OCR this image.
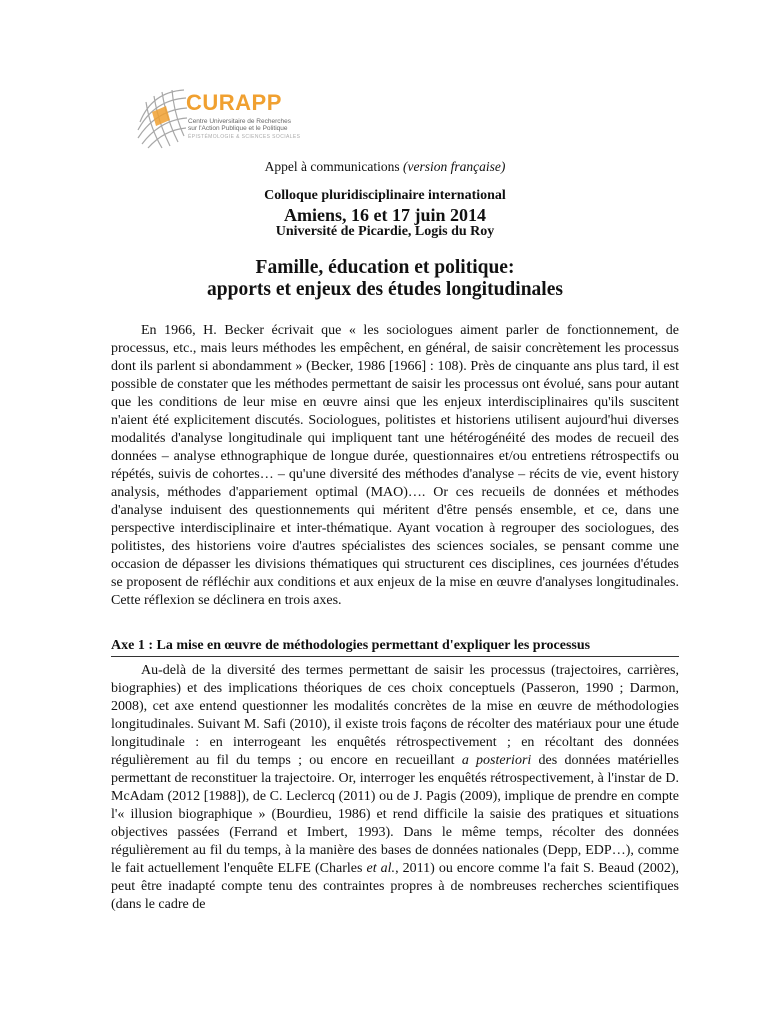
CURAPP
Centre Universitaire de Recherches
sur l'Action Publique et le Politique
ÉPISTÉMOLOGIE & SCIENCES SOCIALES
Appel à communications (version française)
Colloque pluridisciplinaire international
Amiens, 16 et 17 juin 2014
Université de Picardie, Logis du Roy
Famille, éducation et politique:
apports et enjeux des études longitudinales

En 1966, H. Becker écrivait que « les sociologues aiment parler de fonctionnement, de processus, etc., mais leurs méthodes les empêchent, en général, de saisir concrètement les processus dont ils parlent si abondamment » (Becker, 1986 [1966] : 108). Près de cinquante ans plus tard, il est possible de constater que les méthodes permettant de saisir les processus ont évolué, sans pour autant que les conditions de leur mise en œuvre ainsi que les enjeux interdisciplinaires qu'ils suscitent n'aient été explicitement discutés. Sociologues, politistes et historiens utilisent aujourd'hui diverses modalités d'analyse longitudinale qui impliquent tant une hétérogénéité des modes de recueil des données – analyse ethnographique de longue durée, questionnaires et/ou entretiens rétrospectifs ou répétés, suivis de cohortes… – qu'une diversité des méthodes d'analyse – récits de vie, event history analysis, méthodes d'appariement optimal (MAO)…. Or ces recueils de données et méthodes d'analyse induisent des questionnements qui méritent d'être pensés ensemble, et ce, dans une perspective interdisciplinaire et inter-thématique. Ayant vocation à regrouper des sociologues, des politistes, des historiens voire d'autres spécialistes des sciences sociales, se pensant comme une occasion de dépasser les divisions thématiques qui structurent ces disciplines, ces journées d'études se proposent de réfléchir aux conditions et aux enjeux de la mise en œuvre d'analyses longitudinales. Cette réflexion se déclinera en trois axes.

Axe 1 : La mise en œuvre de méthodologies permettant d'expliquer les processus

Au-delà de la diversité des termes permettant de saisir les processus (trajectoires, carrières, biographies) et des implications théoriques de ces choix conceptuels (Passeron, 1990 ; Darmon, 2008), cet axe entend questionner les modalités concrètes de la mise en œuvre de méthodologies longitudinales. Suivant M. Safi (2010), il existe trois façons de récolter des matériaux pour une étude longitudinale : en interrogeant les enquêtés rétrospectivement ; en récoltant des données régulièrement au fil du temps ; ou encore en recueillant a posteriori des données matérielles permettant de reconstituer la trajectoire. Or, interroger les enquêtés rétrospectivement, à l'instar de D. McAdam (2012 [1988]), de C. Leclercq (2011) ou de J. Pagis (2009), implique de prendre en compte l'« illusion biographique » (Bourdieu, 1986) et rend difficile la saisie des pratiques et situations objectives passées (Ferrand et Imbert, 1993). Dans le même temps, récolter des données régulièrement au fil du temps, à la manière des bases de données nationales (Depp, EDP…), comme le fait actuellement l'enquête ELFE (Charles et al., 2011) ou encore comme l'a fait S. Beaud (2002), peut être inadapté compte tenu des contraintes propres à de nombreuses recherches scientifiques (dans le cadre de
